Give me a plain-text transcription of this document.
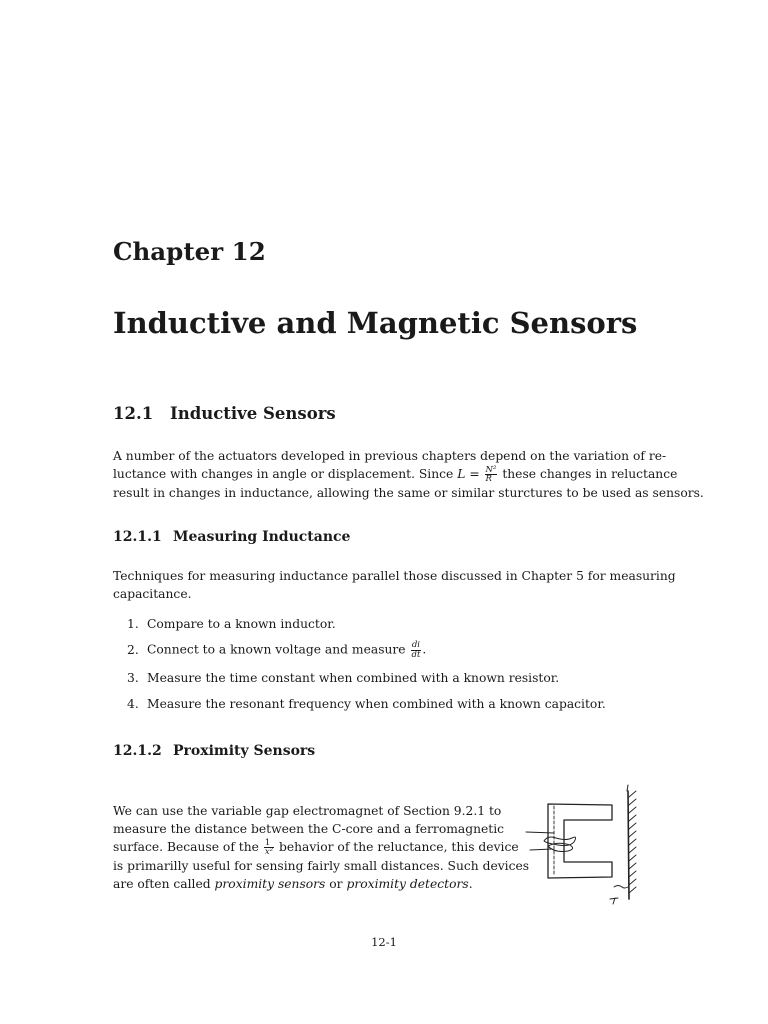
Chapter 12
Inductive and Magnetic Sensors
12.1 Inductive Sensors
A number of the actuators developed in previous chapters depend on the variation of re-
luctance with changes in angle or displacement. Since $L = \frac{\text{N²}}{R}$ these changes in reluctance
result in changes in inductance, allowing the same or similar sturctures to be used as sensors.
12.1.1 Measuring Inductance
Techniques for measuring inductance parallel those discussed in Chapter 5 for measuring
capacitance.
1. Compare to a known inductor.
2. Connect to a known voltage and measure $\frac{di}{dt}$ .
3. Measure the time constant when combined with a known resistor.
4. Measure the resonant frequency when combined with a known capacitor.
12.1.2 Proximity Sensors
We can use the variable gap electromagnet of Section 9.2.1 to
measure the distance between the C-core and a ferromagnetic
surface. Because of the $\frac{1}{\text{x²}}$ behavior of the reluctance, this device
is primarilly useful for sensing fairly small distances. Such devices
are often called proximity sensors or proximity detectors.
12-1
